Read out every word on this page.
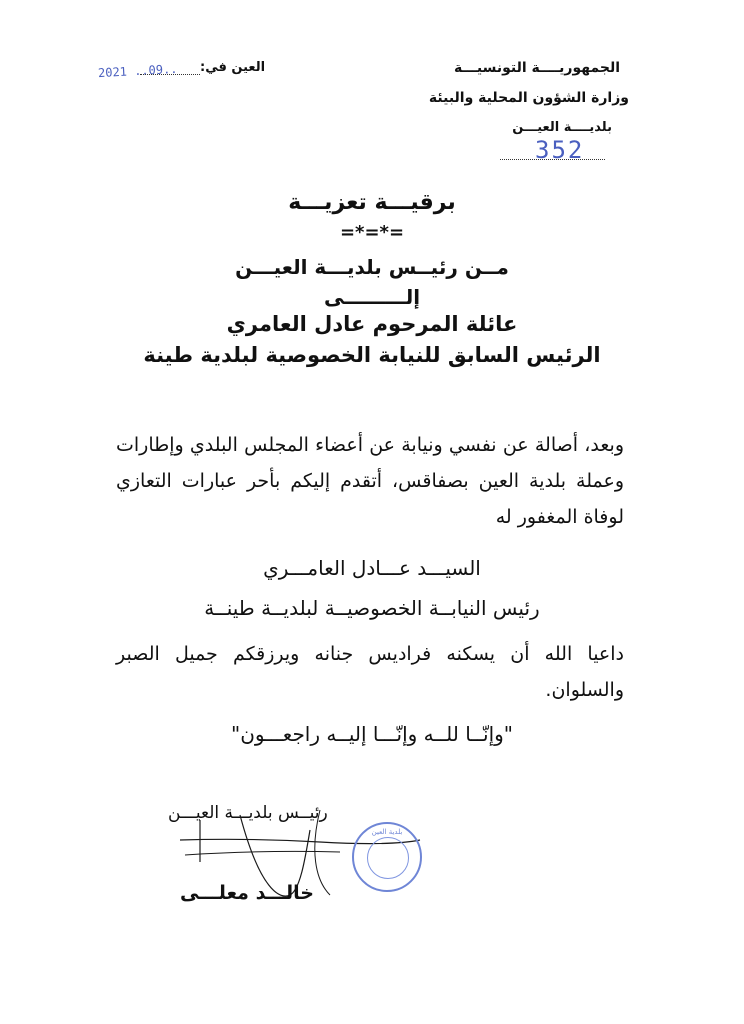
العين في:
2021 ..09..	الجمهوريــــة التونسيـــة
وزارة الشؤون المحلية والبيئة
بلديــــة العيـــن
352
برقيـــة تعزيـــة
=*=*=
مــن رئيــس بلديـــة العيـــن
إلـــــــــى
عائلة المرحوم عادل العامري
الرئيس السابق للنيابة الخصوصية لبلدية طينة
وبعد، أصالة عن نفسي ونيابة عن أعضاء المجلس البلدي وإطارات وعملة بلدية العين بصفاقس، أتقدم إليكم بأحر عبارات التعازي لوفاة المغفور له
السيـــد عـــادل العامـــري
رئيس النيابــة الخصوصيــة لبلديــة طينــة
داعيا الله أن يسكنه فراديس جنانه ويرزقكم جميل الصبر والسلوان.
"وإنّــا للــه وإنّـــا إليــه راجعـــون"
رئيــس بلديـــة العيـــن
بلدية العين
خالـــد معلـــى
